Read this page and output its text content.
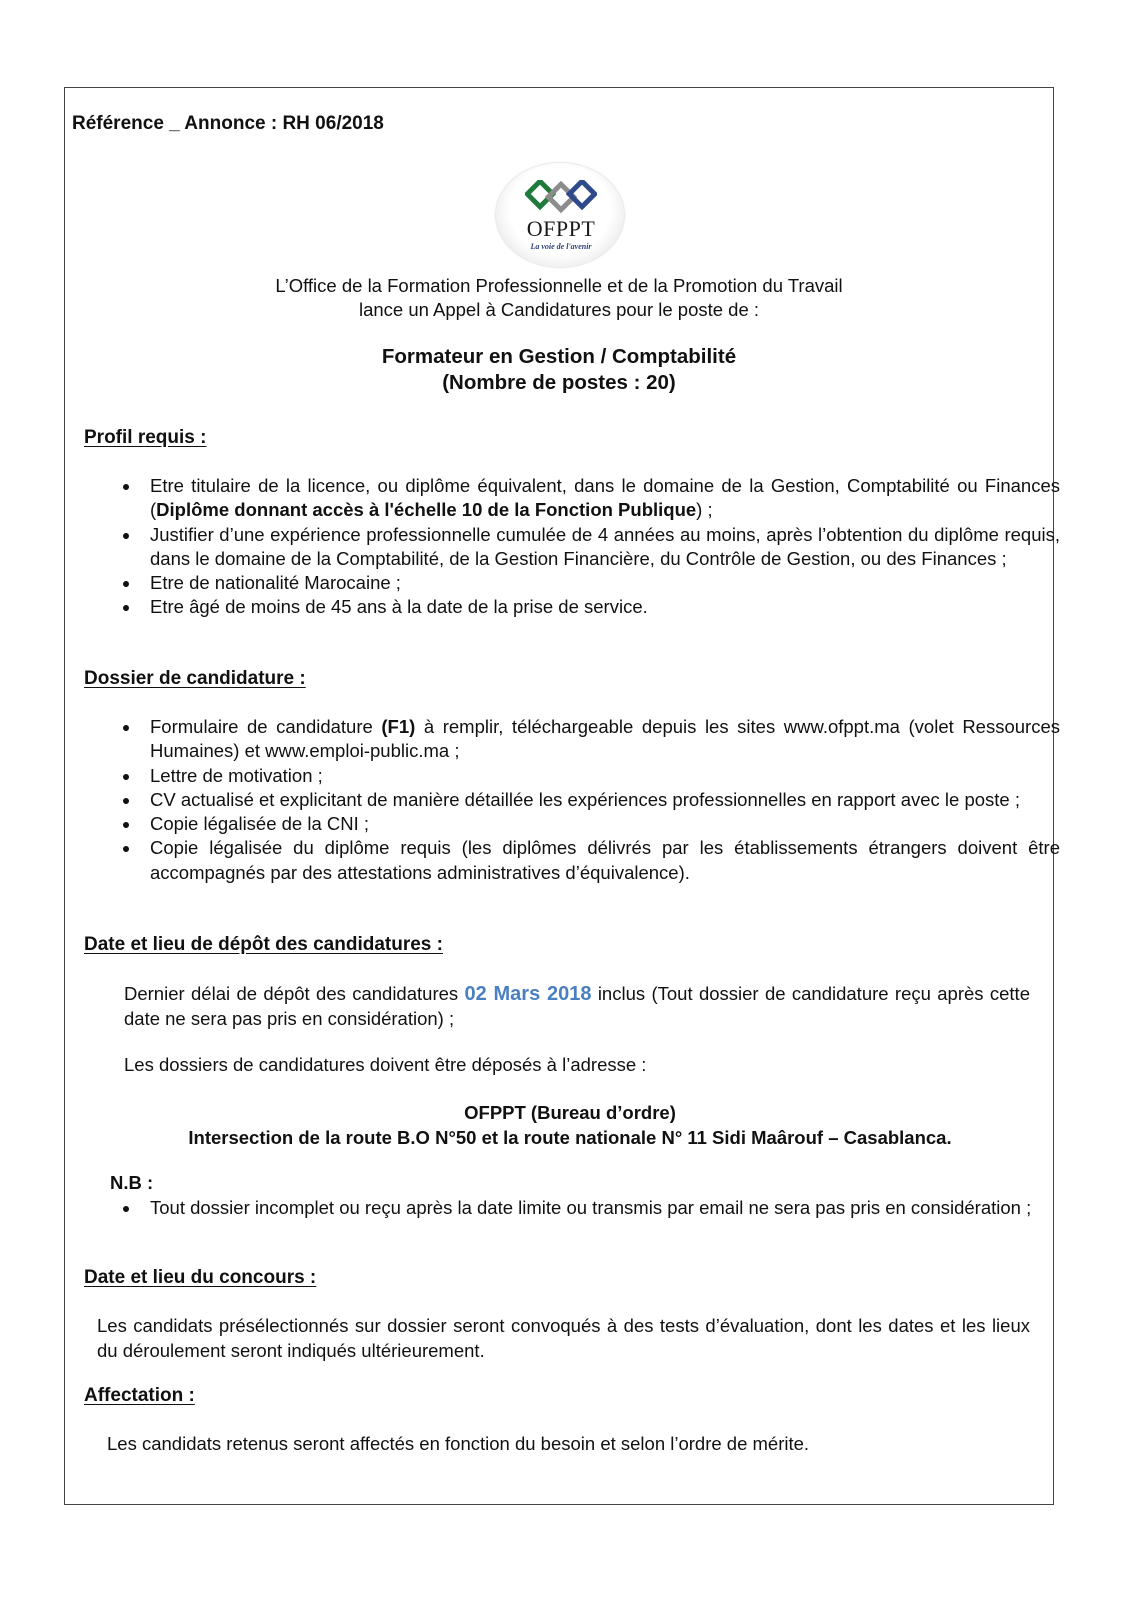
Référence _ Annonce : RH 06/2018
OFPPT
La voie de l'avenir
L’Office de la Formation Professionnelle et de la Promotion du Travail
lance un Appel à Candidatures pour le poste de :
Formateur en Gestion / Comptabilité
(Nombre de postes : 20)
Profil requis :
Etre titulaire de la licence, ou diplôme équivalent, dans le domaine de la Gestion, Comptabilité ou Finances (Diplôme donnant accès à l'échelle 10 de la Fonction Publique) ;
Justifier d’une expérience professionnelle cumulée de 4 années au moins, après l’obtention du diplôme requis, dans le domaine de la Comptabilité, de la Gestion Financière, du Contrôle de Gestion, ou des Finances ;
Etre de nationalité Marocaine ;
Etre âgé de moins de 45 ans à la date de la prise de service.
Dossier de candidature :
Formulaire de candidature (F1) à remplir, téléchargeable depuis les sites www.ofppt.ma (volet Ressources Humaines) et www.emploi-public.ma ;
Lettre de motivation ;
CV actualisé et explicitant de manière détaillée les expériences professionnelles en rapport avec le poste ;
Copie légalisée de la CNI ;
Copie légalisée du diplôme requis (les diplômes délivrés par les établissements étrangers doivent être accompagnés par des attestations administratives d’équivalence).
Date et lieu de dépôt des candidatures :
Dernier délai de dépôt des candidatures 02 Mars 2018 inclus (Tout dossier de candidature reçu après cette date ne sera pas pris en considération) ;
Les dossiers de candidatures doivent être déposés à l’adresse :
OFPPT (Bureau d’ordre)
Intersection de la route B.O N°50 et la route nationale N° 11 Sidi Maârouf – Casablanca.
N.B :
Tout dossier incomplet ou reçu après la date limite ou transmis par email ne sera pas pris en considération ;
Date et lieu du concours :
Les candidats présélectionnés sur dossier seront convoqués à des tests d’évaluation, dont les dates et les lieux du déroulement seront indiqués ultérieurement.
Affectation :
Les candidats retenus seront affectés en fonction du besoin et selon l’ordre de mérite.
